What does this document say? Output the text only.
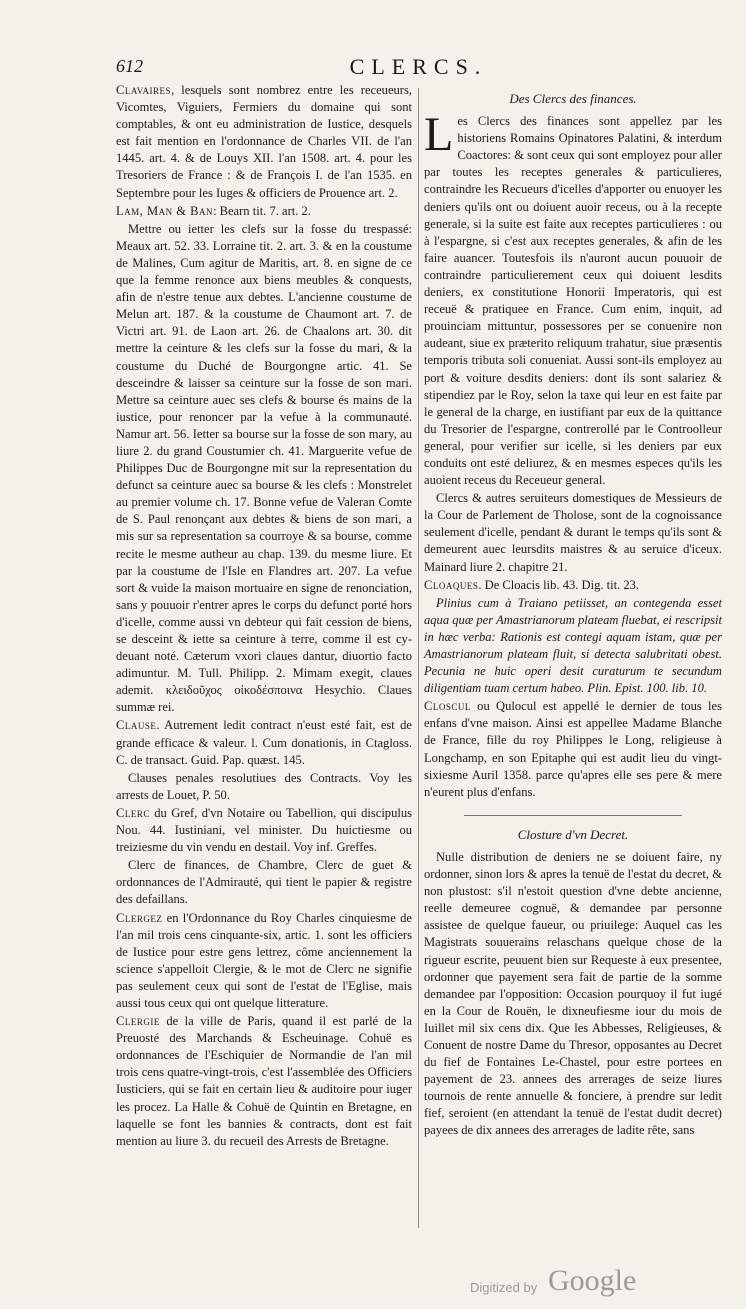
612	CLERCS.

Clavaires, lesquels sont nombrez entre les receueurs, Vicomtes, Viguiers, Fermiers du domaine qui sont comptables, & ont eu administration de Iustice, desquels est fait mention en l'ordonnance de Charles VII. de l'an 1445. art. 4. & de Louys XII. l'an 1508. art. 4. pour les Tresoriers de France : & de François I. de l'an 1535. en Septembre pour les Iuges & officiers de Prouence art. 2.

Lam, Man & Ban: Bearn tit. 7. art. 2.

Mettre ou ietter les clefs sur la fosse du trespassé: Meaux art. 52. 33. Lorraine tit. 2. art. 3. & en la coustume de Malines, Cum agitur de Maritis, art. 8. en signe de ce que la femme renonce aux biens meubles & conquests, afin de n'estre tenue aux debtes. L'ancienne coustume de Melun art. 187. & la coustume de Chaumont art. 7. de Victri art. 91. de Laon art. 26. de Chaalons art. 30. dit mettre la ceinture & les clefs sur la fosse du mari, & la coustume du Duché de Bourgongne artic. 41. Se desceindre & laisser sa ceinture sur la fosse de son mari. Mettre sa ceinture auec ses clefs & bourse és mains de la iustice, pour renoncer par la vefue à la communauté. Namur art. 56. Ietter sa bourse sur la fosse de son mary, au liure 2. du grand Coustumier ch. 41. Marguerite vefue de Philippes Duc de Bourgongne mit sur la representation du defunct sa ceinture auec sa bourse & les clefs : Monstrelet au premier volume ch. 17. Bonne vefue de Valeran Comte de S. Paul renonçant aux debtes & biens de son mari, a mis sur sa representation sa courroye & sa bourse, comme recite le mesme autheur au chap. 139. du mesme liure. Et par la coustume de l'Isle en Flandres art. 207. La vefue sort & vuide la maison mortuaire en signe de renonciation, sans y pouuoir r'entrer apres le corps du defunct porté hors d'icelle, comme aussi vn debteur qui fait cession de biens, se desceint & iette sa ceinture à terre, comme il est cy-deuant noté. Cæterum vxori claues dantur, diuortio facto adimuntur. M. Tull. Philipp. 2. Mimam exegit, claues ademit. κλειδοῦχος οἰκοδέσποινα Hesychio. Claues summæ rei.

Clause. Autrement ledit contract n'eust esté fait, est de grande efficace & valeur. l. Cum donationis, in Ctagloss. C. de transact. Guid. Pap. quæst. 145.

Clauses penales resolutiues des Contracts. Voy les arrests de Louet, P. 50.

Clerc du Gref, d'vn Notaire ou Tabellion, qui discipulus Nou. 44. Iustiniani, vel minister. Du huictiesme ou treiziesme du vin vendu en destail. Voy inf. Greffes.

Clerc de finances, de Chambre, Clerc de guet & ordonnances de l'Admirauté, qui tient le papier & registre des defaillans.

Clergez en l'Ordonnance du Roy Charles cinquiesme de l'an mil trois cens cinquante-six, artic. 1. sont les officiers de Iustice pour estre gens lettrez, côme anciennement la science s'appelloit Clergie, & le mot de Clerc ne signifie pas seulement ceux qui sont de l'estat de l'Eglise, mais aussi tous ceux qui ont quelque litterature.

Clergie de la ville de Paris, quand il est parlé de la Preuosté des Marchands & Escheuinage. Cohuë es ordonnances de l'Eschiquier de Normandie de l'an mil trois cens quatre-vingt-trois, c'est l'assemblée des Officiers Iusticiers, qui se fait en certain lieu & auditoire pour iuger les procez. La Halle & Cohuë de Quintin en Bretagne, en laquelle se font les bannies & contracts, dont est fait mention au liure 3. du recueil des Arrests de Bretagne.

Des Clercs des finances.

Les Clercs des finances sont appellez par les historiens Romains Opinatores Palatini, & interdum Coactores: & sont ceux qui sont employez pour aller par toutes les receptes generales & particulieres, contraindre les Recueurs d'icelles d'apporter ou enuoyer les deniers qu'ils ont ou doiuent auoir receus, ou à la recepte generale, si la suite est faite aux receptes particulieres : ou à l'espargne, si c'est aux receptes generales, & afin de les faire auancer. Toutesfois ils n'auront aucun pouuoir de contraindre particulierement ceux qui doiuent lesdits deniers, ex constitutione Honorii Imperatoris, qui est receuë & pratiquee en France. Cum enim, inquit, ad prouinciam mittuntur, possessores per se conuenire non audeant, siue ex præterito reliquum trahatur, siue præsentis temporis tributa soli conueniat. Aussi sont-ils employez au port & voiture desdits deniers: dont ils sont salariez & stipendiez par le Roy, selon la taxe qui leur en est faite par le general de la charge, en iustifiant par eux de la quittance du Tresorier de l'espargne, contrerollé par le Controolleur general, pour verifier sur icelle, si les deniers par eux conduits ont esté deliurez, & en mesmes especes qu'ils les auoient receus du Receueur general.

Clercs & autres seruiteurs domestiques de Messieurs de la Cour de Parlement de Tholose, sont de la cognoissance seulement d'icelle, pendant & durant le temps qu'ils sont & demeurent auec leursdits maistres & au seruice d'iceux. Mainard liure 2. chapitre 21.

Cloaques. De Cloacis lib. 43. Dig. tit. 23.

Plinius cum à Traiano petiisset, an contegenda esset aqua quæ per Amastrianorum plateam fluebat, ei rescripsit in hæc verba: Rationis est contegi aquam istam, quæ per Amastrianorum plateam fluit, si detecta salubritati obest. Pecunia ne huic operi desit curaturum te secundum diligentiam tuam certum habeo. Plin. Epist. 100. lib. 10.

Closcul ou Qulocul est appellé le dernier de tous les enfans d'vne maison. Ainsi est appellee Madame Blanche de France, fille du roy Philippes le Long, religieuse à Longchamp, en son Epitaphe qui est audit lieu du vingt-sixiesme Auril 1358. parce qu'apres elle ses pere & mere n'eurent plus d'enfans.

Closture d'vn Decret.

Nulle distribution de deniers ne se doiuent faire, ny ordonner, sinon lors & apres la tenuë de l'estat du decret, & non plustost: s'il n'estoit question d'vne debte ancienne, reelle demeuree cognuë, & demandee par personne assistee de quelque faueur, ou priuilege: Auquel cas les Magistrats souuerains relaschans quelque chose de la rigueur escrite, peuuent bien sur Requeste à eux presentee, ordonner que payement sera fait de partie de la somme demandee par l'opposition: Occasion pourquoy il fut iugé en la Cour de Rouën, le dixneufiesme iour du mois de Iuillet mil six cens dix. Que les Abbesses, Religieuses, & Conuent de nostre Dame du Thresor, opposantes au Decret du fief de Fontaines Le-Chastel, pour estre portees en payement de 23. annees des arrerages de seize liures tournois de rente annuelle & fonciere, à prendre sur ledit fief, seroient (en attendant la tenuë de l'estat dudit decret) payees de dix annees des arrerages de ladite rête, sans

Digitized by Google
